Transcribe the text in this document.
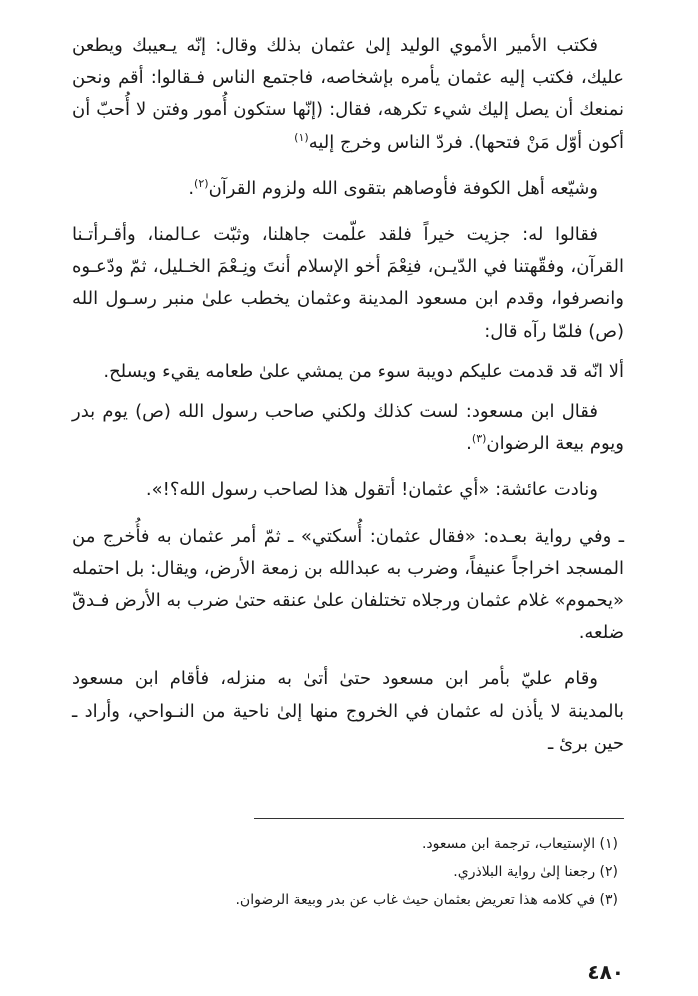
فكتب الأمير الأموي الوليد إلىٰ عثمان بذلك وقال: إنّه يـعيبك ويطعن عليك، فكتب إليه عثمان يأمره بإشخاصه، فاجتمع الناس فـقالوا: أقم ونحن نمنعك أن يصل إليك شيء تكرهه، فقال: (إنّها ستكون أُمور وفتن لا أُحبّ أن أكون أوّل مَنْ فتحها). فردّ الناس وخرج إليه$^{(١)}$

وشيّعه أهل الكوفة فأوصاهم بتقوى الله ولزوم القرآن$^{(٢)}$.

فقالوا له: جزيت خيراً فلقد علّمت جاهلنا، وثبّت عـالمنا، وأقـرأتـنا القرآن، وفقّهتنا في الدّيـن، فنِعْمَ أخو الإسلام أنتَ ونِـعْمَ الخـليل، ثمّ ودّعـوه وانصرفوا، وقدم ابن مسعود المدينة وعثمان يخطب علىٰ منبر رسـول الله (ص) فلمّا رآه قال:

ألا انّه قد قدمت عليكم دويبة سوء من يمشي علىٰ طعامه يقيء ويسلح.

فقال ابن مسعود: لست كذلك ولكني صاحب رسول الله (ص) يوم بدر ويوم بيعة الرضوان$^{(٣)}$.

ونادت عائشة: «أي عثمان! أتقول هذا لصاحب رسول الله؟!».

ـ وفي رواية بعـده: «فقال عثمان: أُسكتي» ـ ثمّ أمر عثمان به فأُخرج من المسجد اخراجاً عنيفاً، وضرب به عبدالله بن زمعة الأرض، ويقال: بل احتمله «يحموم» غلام عثمان ورجلاه تختلفان علىٰ عنقه حتىٰ ضرب به الأرض فـدقّ ضلعه.

وقام عليّ بأمر ابن مسعود حتىٰ أتىٰ به منزله، فأقام ابن مسعود بالمدينة لا يأذن له عثمان في الخروج منها إلىٰ ناحية من النـواحي، وأراد ـ حين برئ ـ

(١) الإستيعاب، ترجمة ابن مسعود.
(٢) رجعنا إلىٰ رواية البلاذري.
(٣) في كلامه هذا تعريض بعثمان حيث غاب عن بدر وبيعة الرضوان.
٤٨٠
